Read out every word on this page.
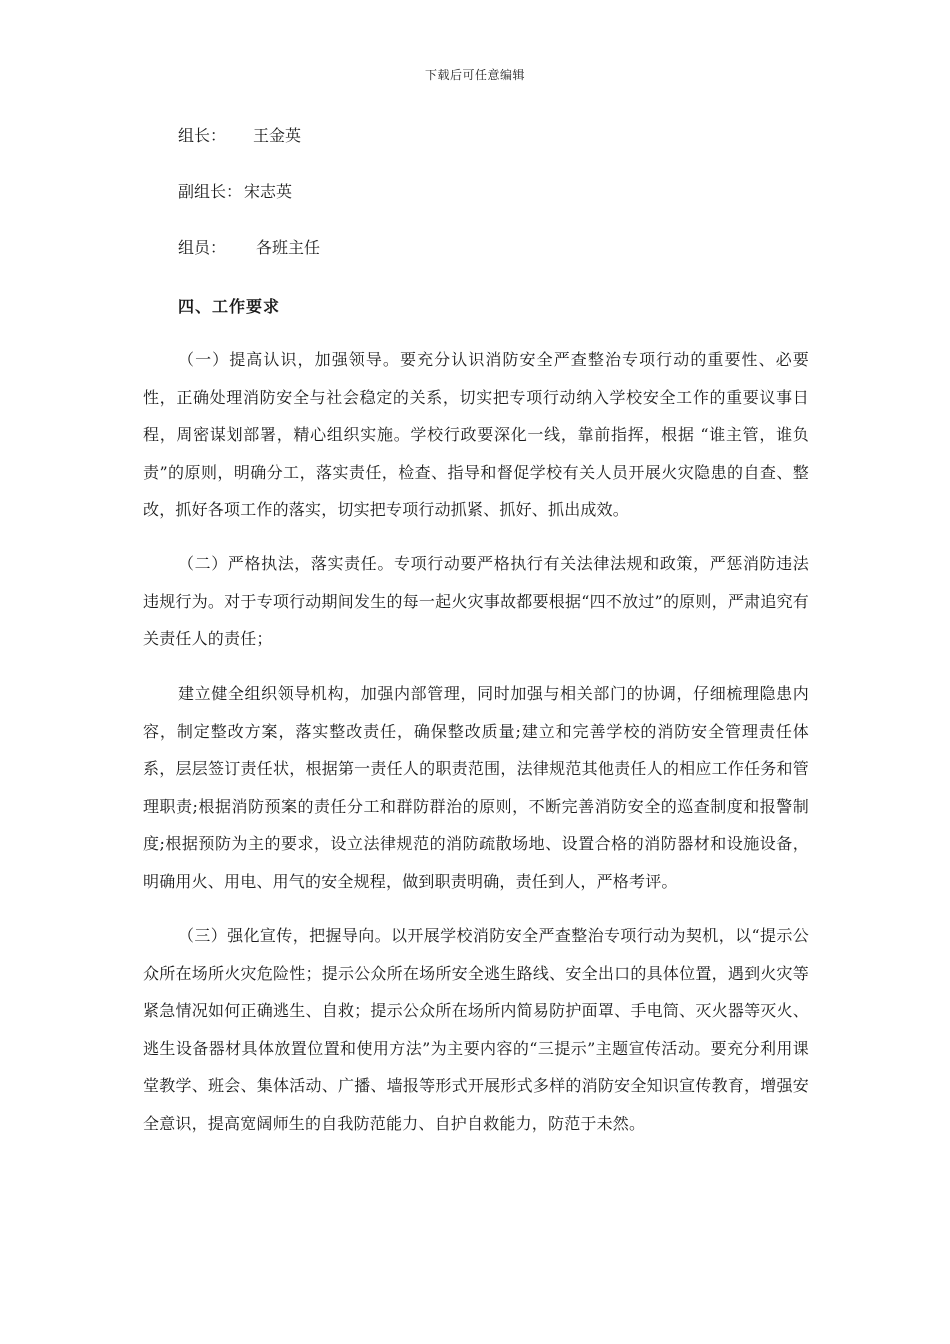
下载后可任意编辑
组长： 王金英
副组长： 宋志英
组员： 各班主任
四、工作要求
（一）提高认识，加强领导。要充分认识消防安全严查整治专项行动的重要性、必要性，正确处理消防安全与社会稳定的关系，切实把专项行动纳入学校安全工作的重要议事日程，周密谋划部署，精心组织实施。学校行政要深化一线，靠前指挥，根据 “谁主管，谁负责”的原则，明确分工，落实责任，检查、指导和督促学校有关人员开展火灾隐患的自查、整改，抓好各项工作的落实，切实把专项行动抓紧、抓好、抓出成效。
（二）严格执法，落实责任。专项行动要严格执行有关法律法规和政策，严惩消防违法违规行为。对于专项行动期间发生的每一起火灾事故都要根据“四不放过”的原则，严肃追究有关责任人的责任；
建立健全组织领导机构，加强内部管理，同时加强与相关部门的协调，仔细梳理隐患内容，制定整改方案，落实整改责任，确保整改质量;建立和完善学校的消防安全管理责任体系，层层签订责任状，根据第一责任人的职责范围，法律规范其他责任人的相应工作任务和管理职责;根据消防预案的责任分工和群防群治的原则，不断完善消防安全的巡查制度和报警制度;根据预防为主的要求，设立法律规范的消防疏散场地、设置合格的消防器材和设施设备，明确用火、用电、用气的安全规程，做到职责明确，责任到人，严格考评。
（三）强化宣传，把握导向。以开展学校消防安全严查整治专项行动为契机，以“提示公众所在场所火灾危险性；提示公众所在场所安全逃生路线、安全出口的具体位置，遇到火灾等紧急情况如何正确逃生、自救；提示公众所在场所内简易防护面罩、手电筒、灭火器等灭火、逃生设备器材具体放置位置和使用方法”为主要内容的“三提示”主题宣传活动。要充分利用课堂教学、班会、集体活动、广播、墙报等形式开展形式多样的消防安全知识宣传教育，增强安全意识，提高宽阔师生的自我防范能力、自护自救能力，防范于未然。
